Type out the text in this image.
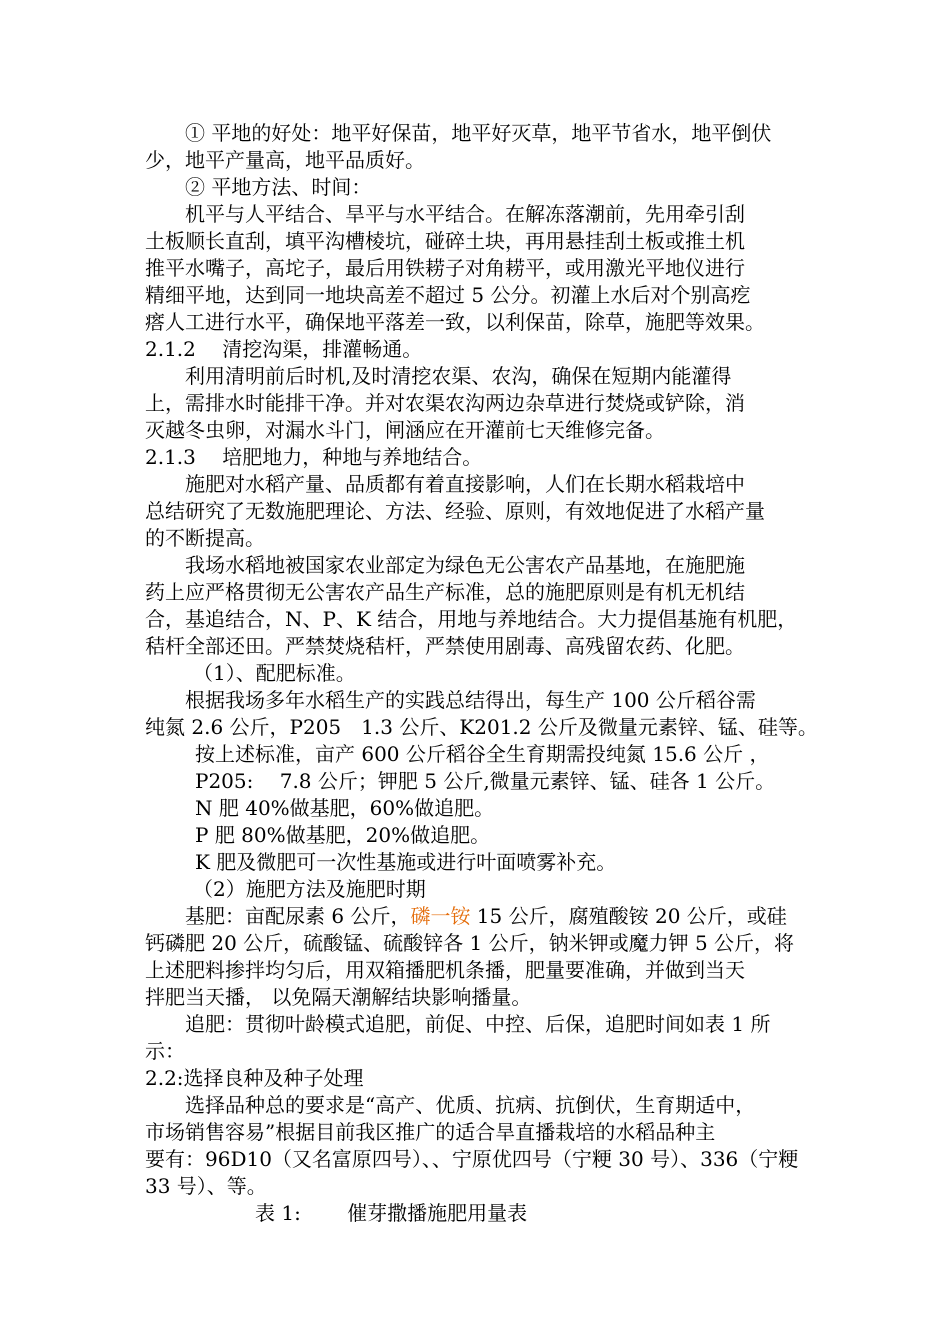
① 平地的好处：地平好保苗，地平好灭草，地平节省水，地平倒伏
少，地平产量高，地平品质好。
② 平地方法、时间：
机平与人平结合、旱平与水平结合。在解冻落潮前，先用牵引刮
土板顺长直刮，填平沟槽棱坑，碰碎土块，再用悬挂刮土板或推土机
推平水嘴子，高坨子，最后用铁耢子对角耢平，或用激光平地仪进行
精细平地，达到同一地块高差不超过 5 公分。初灌上水后对个别高疙
瘩人工进行水平，确保地平落差一致，以利保苗，除草，施肥等效果。
2.1.2　 清挖沟渠，排灌畅通。
利用清明前后时机,及时清挖农渠、农沟，确保在短期内能灌得
上，需排水时能排干净。并对农渠农沟两边杂草进行焚烧或铲除，消
灭越冬虫卵，对漏水斗门，闸涵应在开灌前七天维修完备。
2.1.3　 培肥地力，种地与养地结合。
施肥对水稻产量、品质都有着直接影响，人们在长期水稻栽培中
总结研究了无数施肥理论、方法、经验、原则，有效地促进了水稻产量
的不断提高。
我场水稻地被国家农业部定为绿色无公害农产品基地，在施肥施
药上应严格贯彻无公害农产品生产标准，总的施肥原则是有机无机结
合，基追结合，N、P、K 结合，用地与养地结合。大力提倡基施有机肥，
秸杆全部还田。严禁焚烧秸杆，严禁使用剧毒、高残留农药、化肥。
（1）、配肥标准。
根据我场多年水稻生产的实践总结得出，每生产 100 公斤稻谷需
纯氮 2.6 公斤，P205　1.3 公斤、K201.2 公斤及微量元素锌、锰、硅等。
按上述标准，亩产 600 公斤稻谷全生育期需投纯氮 15.6 公斤 ，
P205:　 7.8 公斤；钾肥 5 公斤,微量元素锌、锰、硅各 1 公斤。
N 肥 40%做基肥，60%做追肥。
P 肥 80%做基肥，20%做追肥。
K 肥及微肥可一次性基施或进行叶面喷雾补充。
（2）施肥方法及施肥时期
基肥：亩配尿素 6 公斤，磷一铵 15 公斤，腐殖酸铵 20 公斤，或硅
钙磷肥 20 公斤，硫酸锰、硫酸锌各 1 公斤，钠米钾或魔力钾 5 公斤，将
上述肥料掺拌均匀后，用双箱播肥机条播，肥量要准确，并做到当天
拌肥当天播， 以免隔天潮解结块影响播量。
追肥：贯彻叶龄模式追肥，前促、中控、后保，追肥时间如表 1 所
示：
2.2:选择良种及种子处理
选择品种总的要求是“高产、优质、抗病、抗倒伏，生育期适中，
市场销售容易”根据目前我区推广的适合旱直播栽培的水稻品种主
要有：96D10（又名富原四号）、、宁原优四号（宁粳 30 号）、336（宁粳
33 号）、等。
表 1:　　 催芽撒播施肥用量表
